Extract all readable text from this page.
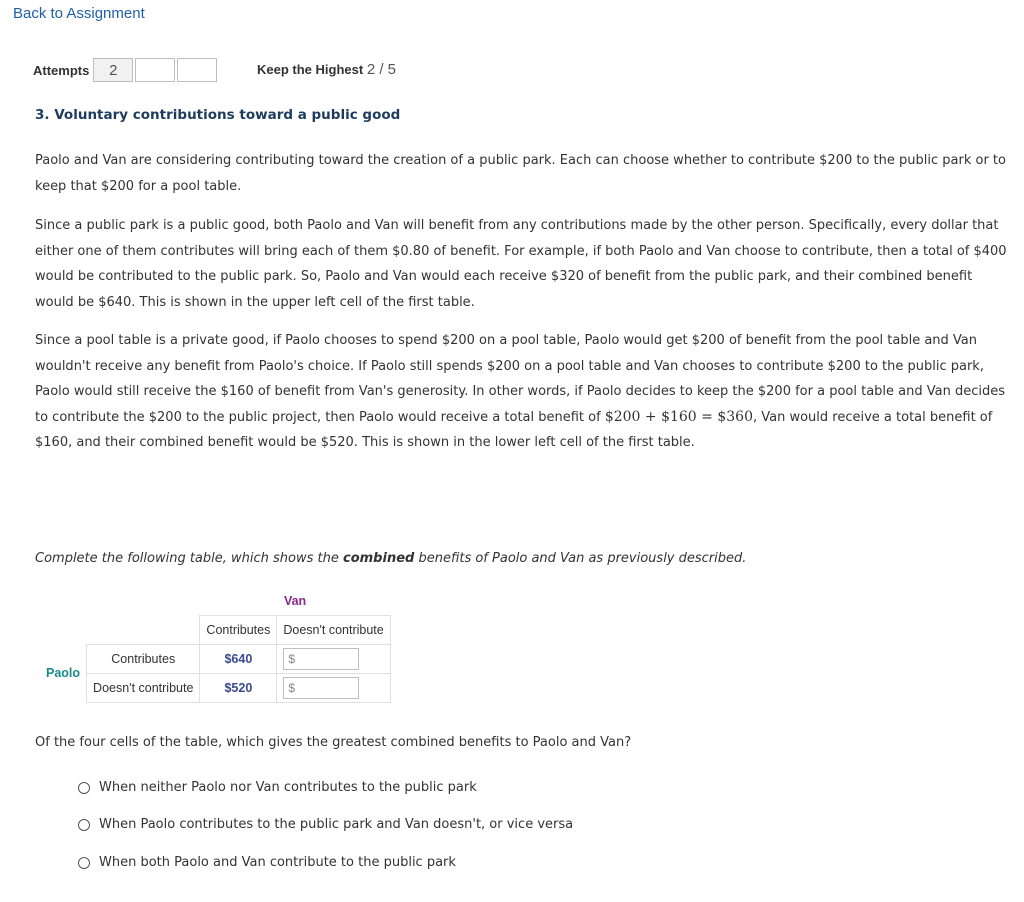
Back to Assignment
Attempts	2	Keep the Highest 2 / 5
3. Voluntary contributions toward a public good

Paolo and Van are considering contributing toward the creation of a public park. Each can choose whether to contribute $200 to the public park or to keep that $200 for a pool table.

Since a public park is a public good, both Paolo and Van will benefit from any contributions made by the other person. Specifically, every dollar that either one of them contributes will bring each of them $0.80 of benefit. For example, if both Paolo and Van choose to contribute, then a total of $400 would be contributed to the public park. So, Paolo and Van would each receive $320 of benefit from the public park, and their combined benefit would be $640. This is shown in the upper left cell of the first table.

Since a pool table is a private good, if Paolo chooses to spend $200 on a pool table, Paolo would get $200 of benefit from the pool table and Van wouldn't receive any benefit from Paolo's choice. If Paolo still spends $200 on a pool table and Van chooses to contribute $200 to the public park, Paolo would still receive the $160 of benefit from Van's generosity. In other words, if Paolo decides to keep the $200 for a pool table and Van decides to contribute the $200 to the public project, then Paolo would receive a total benefit of $200 + $160 = $360, Van would receive a total benefit of $160, and their combined benefit would be $520. This is shown in the lower left cell of the first table.

Complete the following table, which shows the combined benefits of Paolo and Van as previously described.

		Van	
		Contributes	Doesn't contribute
Paolo	Contributes	$640	$

	Doesn't contribute	$520	$

Of the four cells of the table, which gives the greatest combined benefits to Paolo and Van?

When neither Paolo nor Van contributes to the public park
When Paolo contributes to the public park and Van doesn't, or vice versa
When both Paolo and Van contribute to the public park
